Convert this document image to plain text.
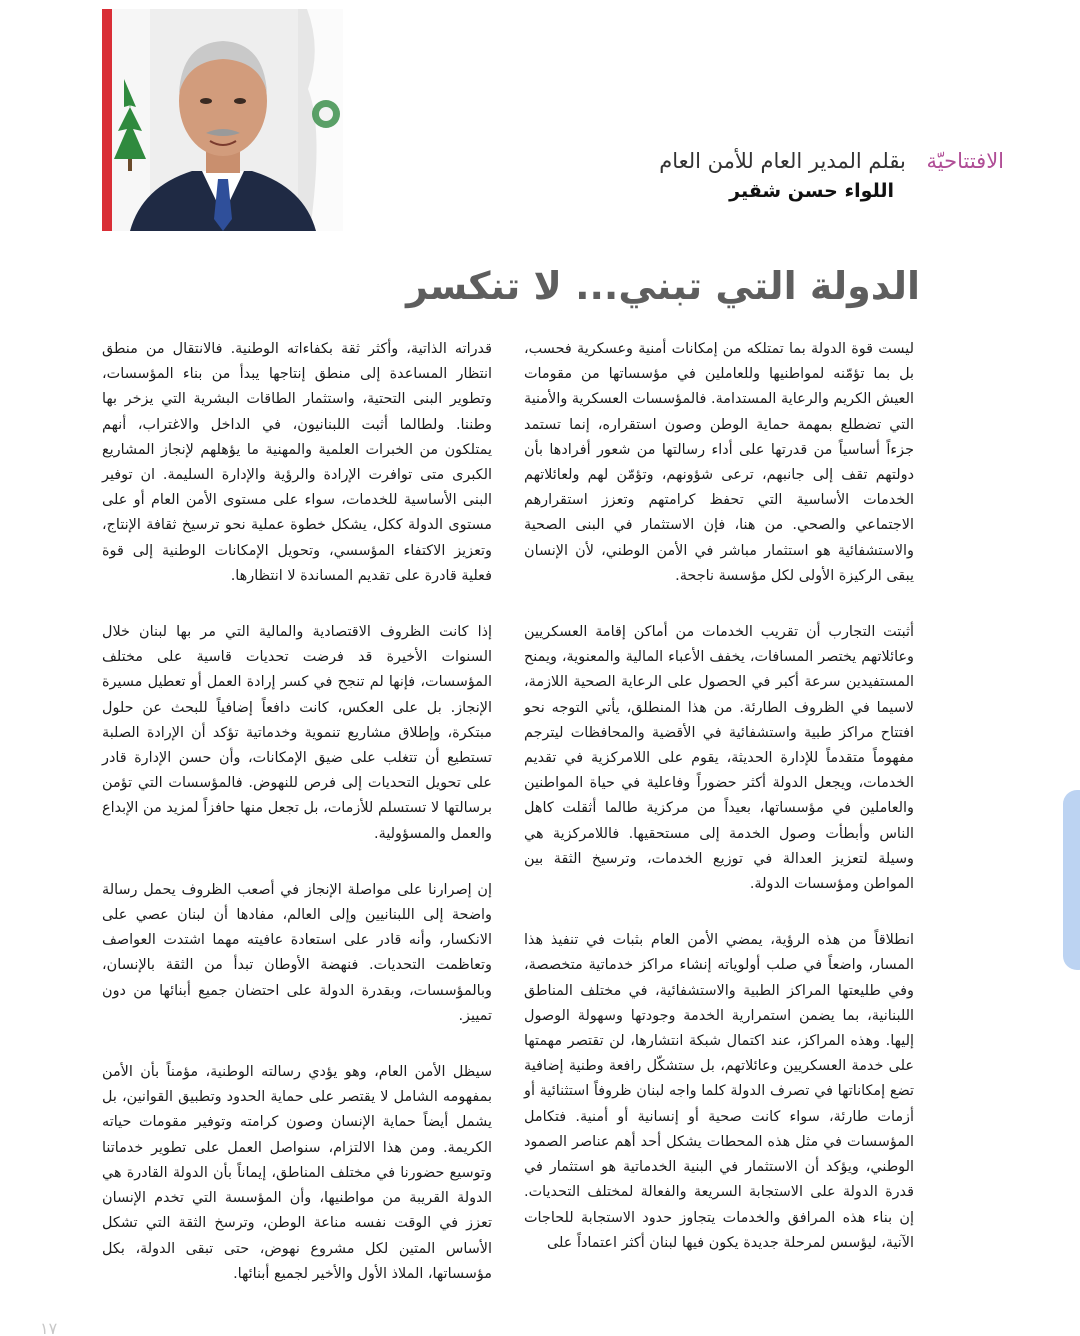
الافتتاحيّة بقلم المدير العام للأمن العام
اللواء حسن شقير
الدولة التي تبني... لا تنكسر

ليست قوة الدولة بما تمتلكه من إمكانات أمنية وعسكرية فحسب، بل بما تؤمّنه لمواطنيها وللعاملين في مؤسساتها من مقومات العيش الكريم والرعاية المستدامة. فالمؤسسات العسكرية والأمنية التي تضطلع بمهمة حماية الوطن وصون استقراره، إنما تستمد جزءاً أساسياً من قدرتها على أداء رسالتها من شعور أفرادها بأن دولتهم تقف إلى جانبهم، ترعى شؤونهم، وتؤمّن لهم ولعائلاتهم الخدمات الأساسية التي تحفظ كرامتهم وتعزز استقرارهم الاجتماعي والصحي. من هنا، فإن الاستثمار في البنى الصحية والاستشفائية هو استثمار مباشر في الأمن الوطني، لأن الإنسان يبقى الركيزة الأولى لكل مؤسسة ناجحة.

أثبتت التجارب أن تقريب الخدمات من أماكن إقامة العسكريين وعائلاتهم يختصر المسافات، يخفف الأعباء المالية والمعنوية، ويمنح المستفيدين سرعة أكبر في الحصول على الرعاية الصحية اللازمة، لاسيما في الظروف الطارئة. من هذا المنطلق، يأتي التوجه نحو افتتاح مراكز طبية واستشفائية في الأقضية والمحافظات ليترجم مفهوماً متقدماً للإدارة الحديثة، يقوم على اللامركزية في تقديم الخدمات، ويجعل الدولة أكثر حضوراً وفاعلية في حياة المواطنين والعاملين في مؤسساتها، بعيداً من مركزية طالما أثقلت كاهل الناس وأبطأت وصول الخدمة إلى مستحقيها. فاللامركزية هي وسيلة لتعزيز العدالة في توزيع الخدمات، وترسيخ الثقة بين المواطن ومؤسسات الدولة.

انطلاقاً من هذه الرؤية، يمضي الأمن العام بثبات في تنفيذ هذا المسار، واضعاً في صلب أولوياته إنشاء مراكز خدماتية متخصصة، وفي طليعتها المراكز الطبية والاستشفائية، في مختلف المناطق اللبنانية، بما يضمن استمرارية الخدمة وجودتها وسهولة الوصول إليها. وهذه المراكز، عند اكتمال شبكة انتشارها، لن تقتصر مهمتها على خدمة العسكريين وعائلاتهم، بل ستشكّل رافعة وطنية إضافية تضع إمكاناتها في تصرف الدولة كلما واجه لبنان ظروفاً استثنائية أو أزمات طارئة، سواء كانت صحية أو إنسانية أو أمنية. فتكامل المؤسسات في مثل هذه المحطات يشكل أحد أهم عناصر الصمود الوطني، ويؤكد أن الاستثمار في البنية الخدماتية هو استثمار في قدرة الدولة على الاستجابة السريعة والفعالة لمختلف التحديات. إن بناء هذه المرافق والخدمات يتجاوز حدود الاستجابة للحاجات الآنية، ليؤسس لمرحلة جديدة يكون فيها لبنان أكثر اعتماداً على

قدراته الذاتية، وأكثر ثقة بكفاءاته الوطنية. فالانتقال من منطق انتظار المساعدة إلى منطق إنتاجها يبدأ من بناء المؤسسات، وتطوير البنى التحتية، واستثمار الطاقات البشرية التي يزخر بها وطننا. ولطالما أثبت اللبنانيون، في الداخل والاغتراب، أنهم يمتلكون من الخبرات العلمية والمهنية ما يؤهلهم لإنجاز المشاريع الكبرى متى توافرت الإرادة والرؤية والإدارة السليمة. ان توفير البنى الأساسية للخدمات، سواء على مستوى الأمن العام أو على مستوى الدولة ككل، يشكل خطوة عملية نحو ترسيخ ثقافة الإنتاج، وتعزيز الاكتفاء المؤسسي، وتحويل الإمكانات الوطنية إلى قوة فعلية قادرة على تقديم المساندة لا انتظارها.

إذا كانت الظروف الاقتصادية والمالية التي مر بها لبنان خلال السنوات الأخيرة قد فرضت تحديات قاسية على مختلف المؤسسات، فإنها لم تنجح في كسر إرادة العمل أو تعطيل مسيرة الإنجاز. بل على العكس، كانت دافعاً إضافياً للبحث عن حلول مبتكرة، وإطلاق مشاريع تنموية وخدماتية تؤكد أن الإرادة الصلبة تستطيع أن تتغلب على ضيق الإمكانات، وأن حسن الإدارة قادر على تحويل التحديات إلى فرص للنهوض. فالمؤسسات التي تؤمن برسالتها لا تستسلم للأزمات، بل تجعل منها حافزاً لمزيد من الإبداع والعمل والمسؤولية.

إن إصرارنا على مواصلة الإنجاز في أصعب الظروف يحمل رسالة واضحة إلى اللبنانيين وإلى العالم، مفادها أن لبنان عصي على الانكسار، وأنه قادر على استعادة عافيته مهما اشتدت العواصف وتعاظمت التحديات. فنهضة الأوطان تبدأ من الثقة بالإنسان، وبالمؤسسات، وبقدرة الدولة على احتضان جميع أبنائها من دون تمييز.

سيظل الأمن العام، وهو يؤدي رسالته الوطنية، مؤمناً بأن الأمن بمفهومه الشامل لا يقتصر على حماية الحدود وتطبيق القوانين، بل يشمل أيضاً حماية الإنسان وصون كرامته وتوفير مقومات حياته الكريمة. ومن هذا الالتزام، سنواصل العمل على تطوير خدماتنا وتوسيع حضورنا في مختلف المناطق، إيماناً بأن الدولة القادرة هي الدولة القريبة من مواطنيها، وأن المؤسسة التي تخدم الإنسان تعزز في الوقت نفسه مناعة الوطن، وترسخ الثقة التي تشكل الأساس المتين لكل مشروع نهوض، حتى تبقى الدولة، بكل مؤسساتها، الملاذ الأول والأخير لجميع أبنائها.

١٧
